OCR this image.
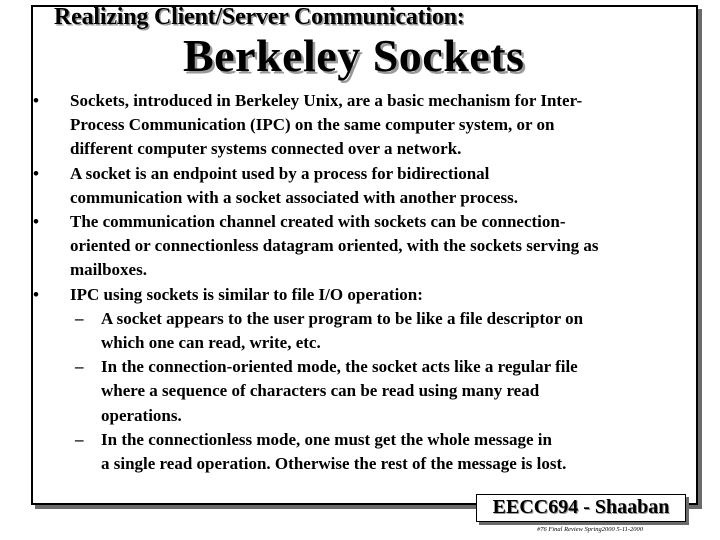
Realizing Client/Server Communication:
Berkeley Sockets
• Sockets, introduced in Berkeley Unix, are a basic mechanism for Inter-
Process Communication (IPC) on the same computer system, or on
different computer systems connected over a network.
• A socket is an endpoint used by a process for bidirectional
communication with a socket associated with another process.
• The communication channel created with sockets can be connection-
oriented or connectionless datagram oriented, with the sockets serving as
mailboxes.
• IPC using sockets is similar to file I/O operation:
– A socket appears to the user program to be like a file descriptor on
which one can read, write, etc.
– In the connection-oriented mode, the socket acts like a regular file
where a sequence of characters can be read using many read
operations.
– In the connectionless mode, one must get the whole message in
a single read operation. Otherwise the rest of the message is lost.
EECC694 - Shaaban
#76 Final Review Spring2000 5-11-2000
